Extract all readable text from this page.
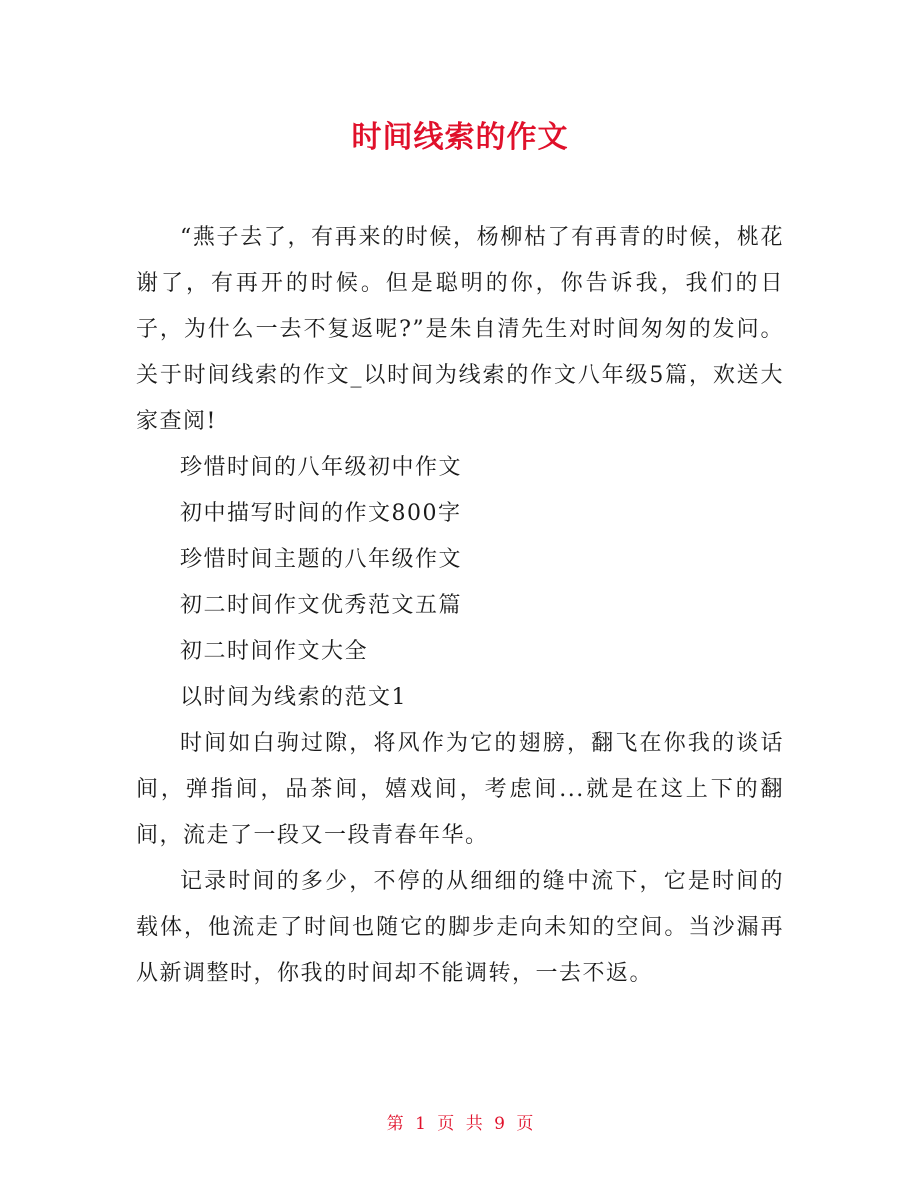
时间线索的作文

“燕子去了，有再来的时候，杨柳枯了有再青的时候，桃花谢了，有再开的时候。但是聪明的你，你告诉我，我们的日子，为什么一去不复返呢?”是朱自清先生对时间匆匆的发问。关于时间线索的作文_以时间为线索的作文八年级5篇，欢送大家查阅!

珍惜时间的八年级初中作文

初中描写时间的作文800字

珍惜时间主题的八年级作文

初二时间作文优秀范文五篇

初二时间作文大全

以时间为线索的范文1

时间如白驹过隙，将风作为它的翅膀，翻飞在你我的谈话间，弹指间，品茶间，嬉戏间，考虑间...就是在这上下的翻间，流走了一段又一段青春年华。

记录时间的多少，不停的从细细的缝中流下，它是时间的载体，他流走了时间也随它的脚步走向未知的空间。当沙漏再从新调整时，你我的时间却不能调转，一去不返。

第 1 页 共 9 页
